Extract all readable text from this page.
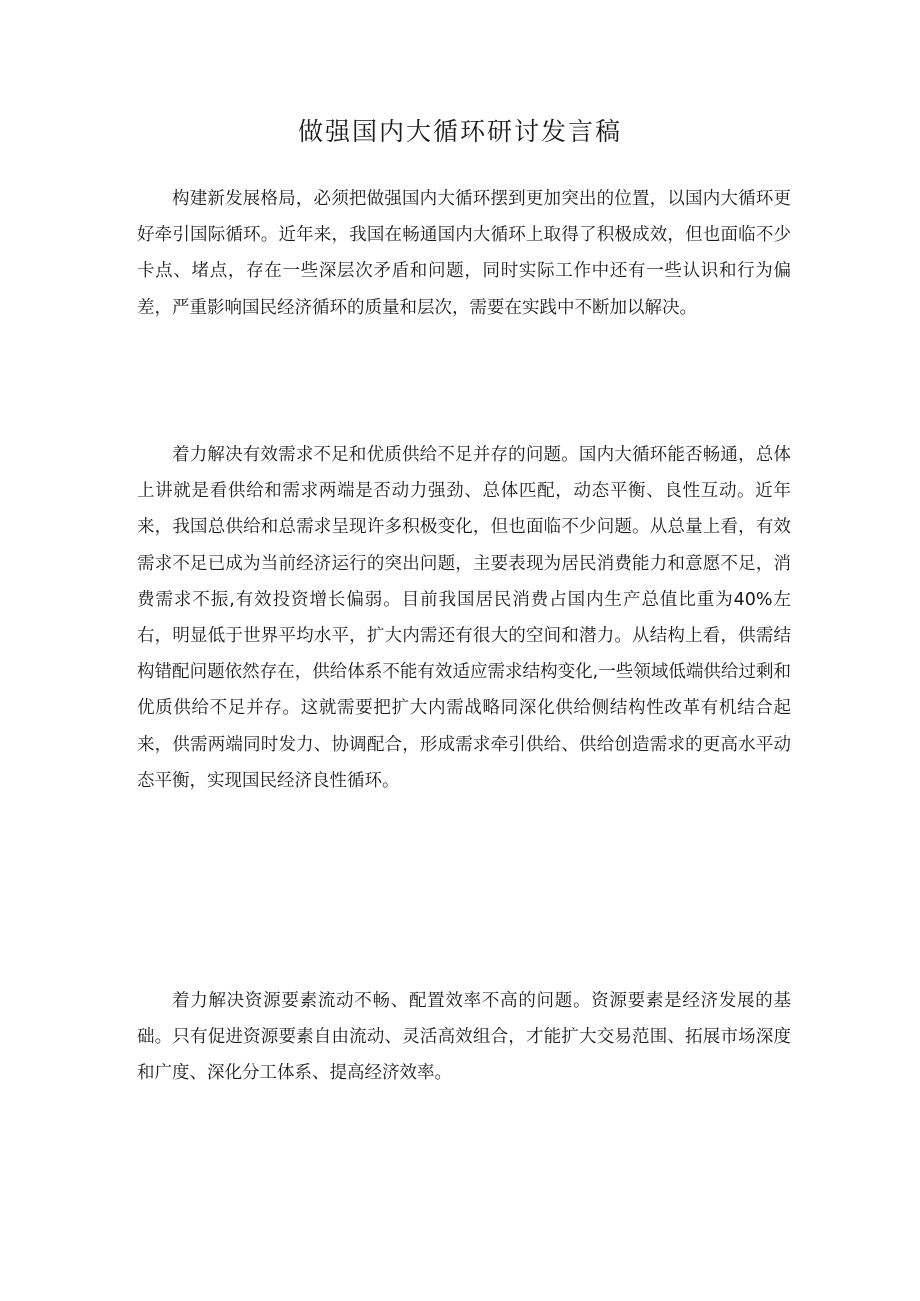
做强国内大循环研讨发言稿

构建新发展格局，必须把做强国内大循环摆到更加突出的位置，以国内大循环更好牵引国际循环。近年来，我国在畅通国内大循环上取得了积极成效，但也面临不少卡点、堵点，存在一些深层次矛盾和问题，同时实际工作中还有一些认识和行为偏差，严重影响国民经济循环的质量和层次，需要在实践中不断加以解决。

着力解决有效需求不足和优质供给不足并存的问题。国内大循环能否畅通，总体上讲就是看供给和需求两端是否动力强劲、总体匹配，动态平衡、良性互动。近年来，我国总供给和总需求呈现许多积极变化，但也面临不少问题。从总量上看，有效需求不足已成为当前经济运行的突出问题，主要表现为居民消费能力和意愿不足，消费需求不振,有效投资增长偏弱。目前我国居民消费占国内生产总值比重为40%左右，明显低于世界平均水平，扩大内需还有很大的空间和潜力。从结构上看，供需结构错配问题依然存在，供给体系不能有效适应需求结构变化,一些领域低端供给过剩和优质供给不足并存。这就需要把扩大内需战略同深化供给侧结构性改革有机结合起来，供需两端同时发力、协调配合，形成需求牵引供给、供给创造需求的更高水平动态平衡，实现国民经济良性循环。

着力解决资源要素流动不畅、配置效率不高的问题。资源要素是经济发展的基础。只有促进资源要素自由流动、灵活高效组合，才能扩大交易范围、拓展市场深度和广度、深化分工体系、提高经济效率。
